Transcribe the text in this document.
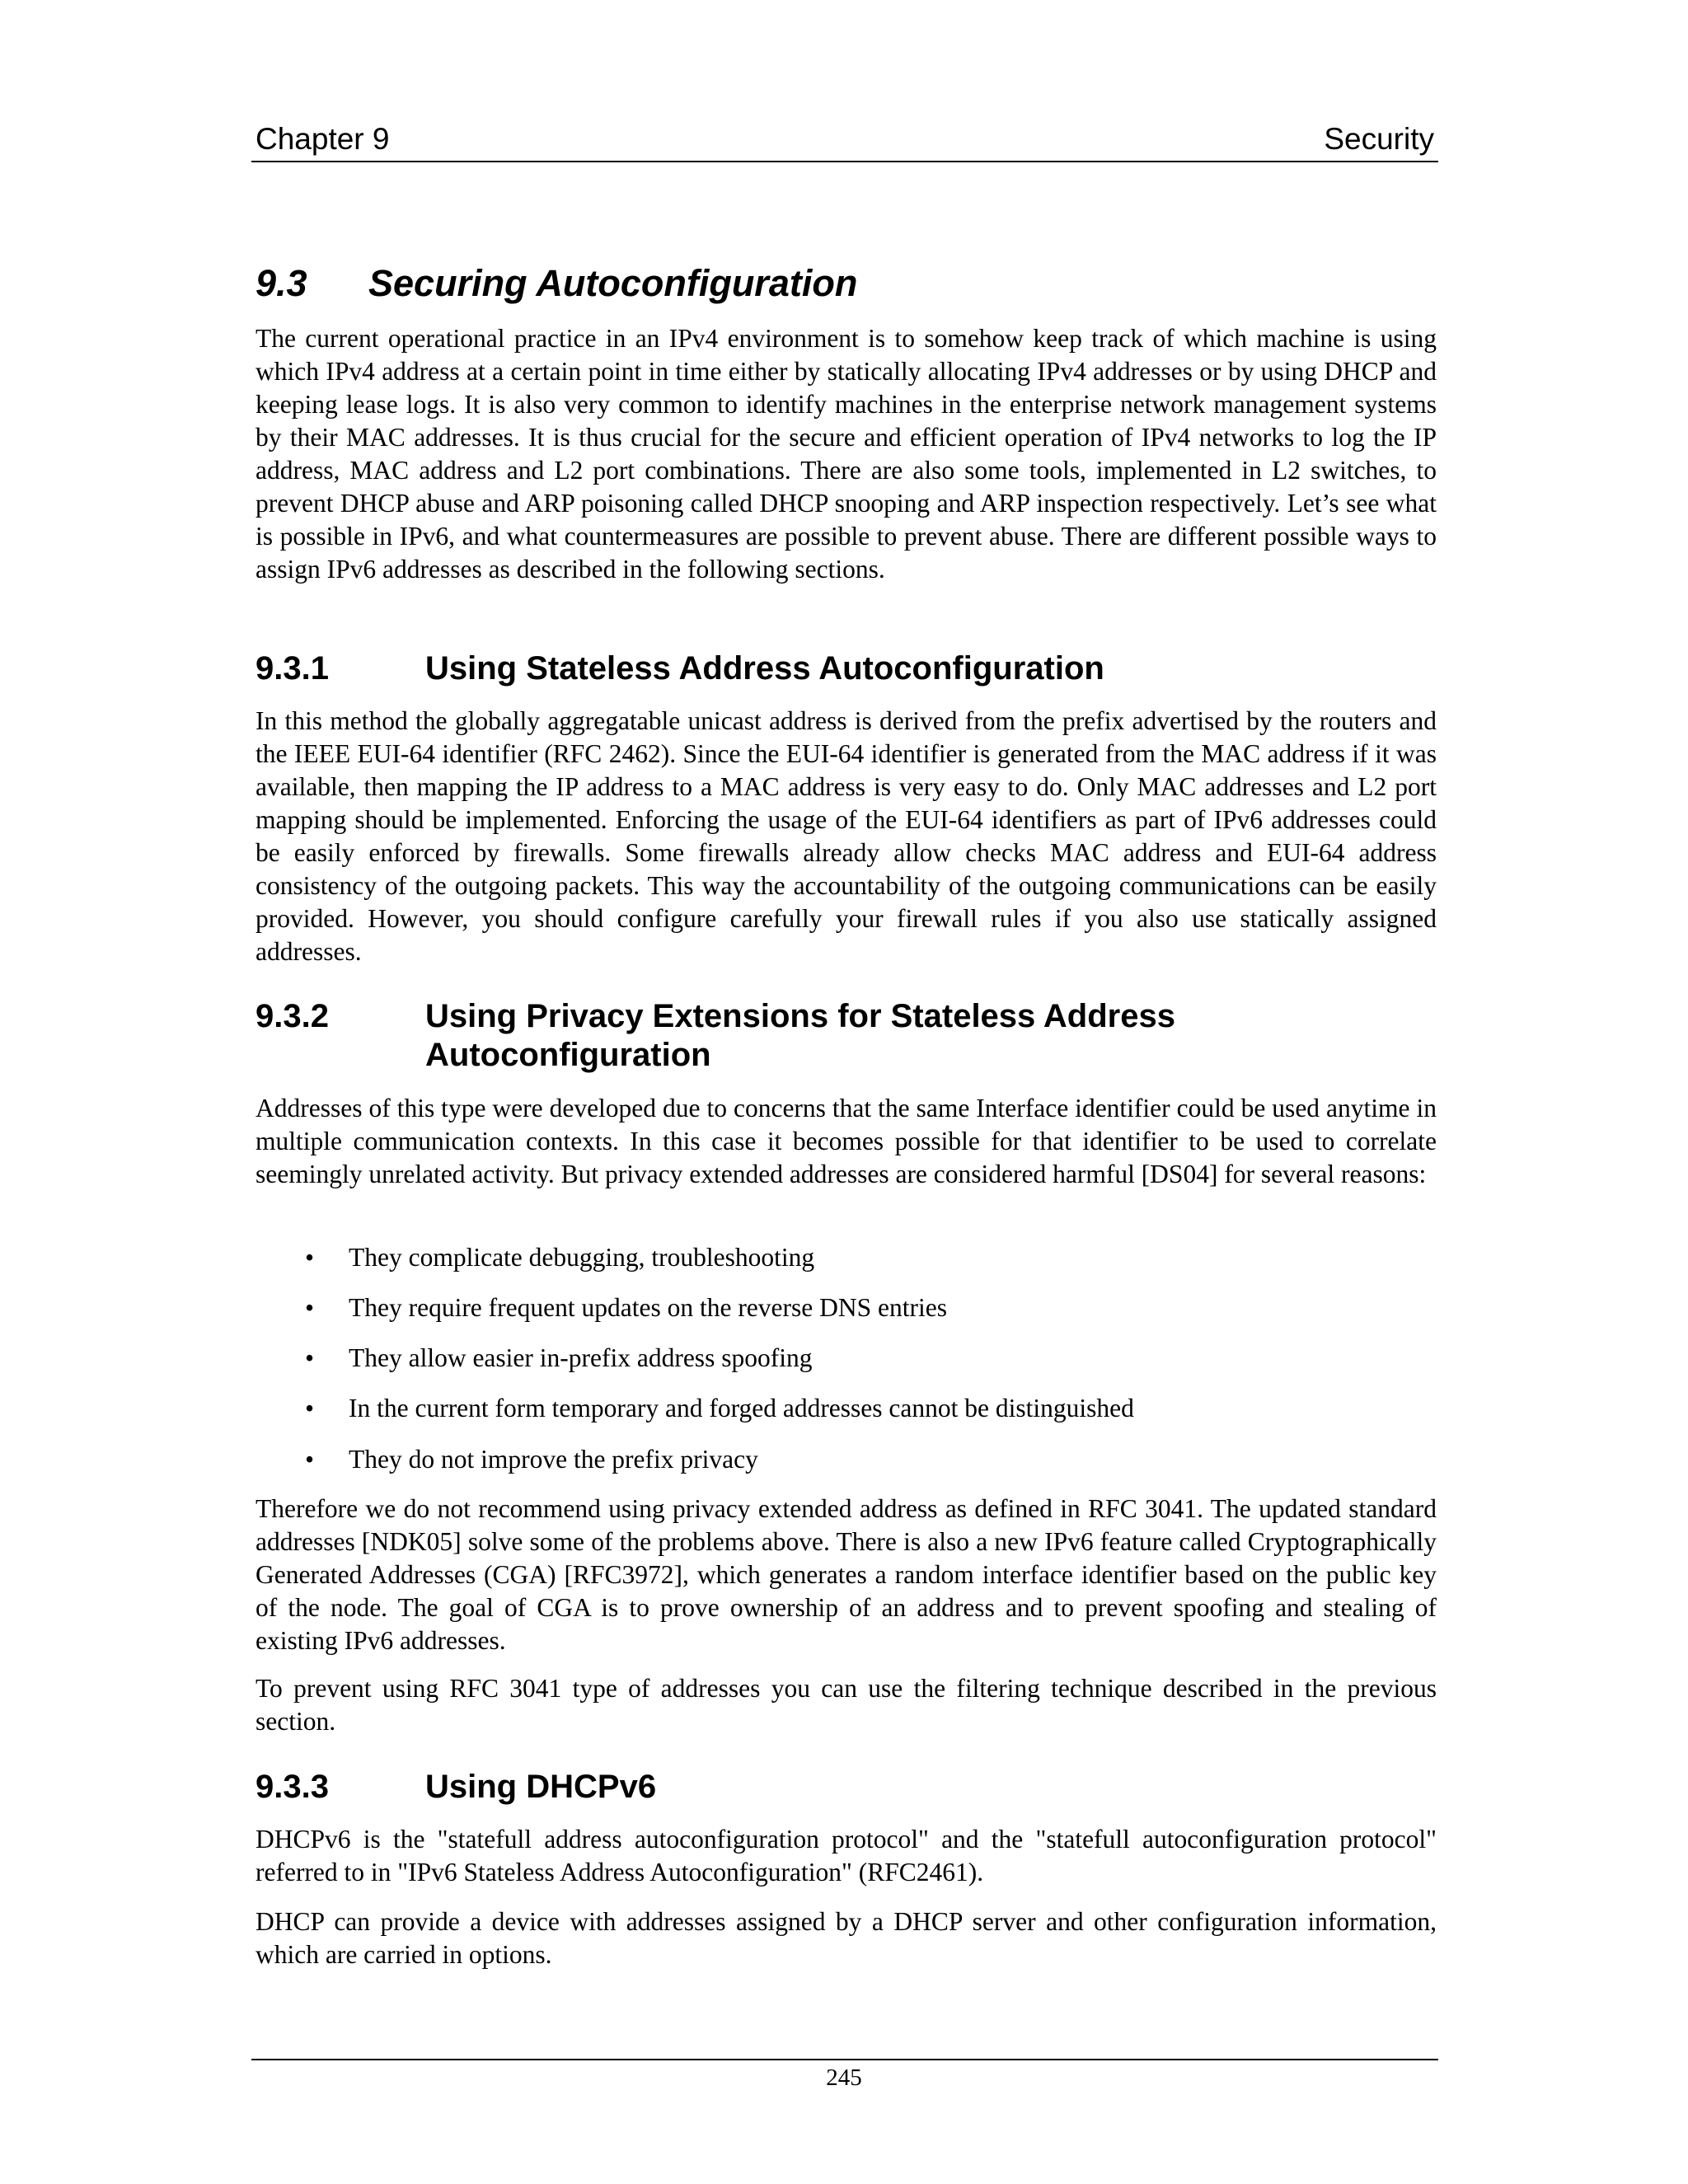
Chapter 9	Security
9.3 Securing Autoconfiguration

The current operational practice in an IPv4 environment is to somehow keep track of which machine is using which IPv4 address at a certain point in time either by statically allocating IPv4 addresses or by using DHCP and keeping lease logs. It is also very common to identify machines in the enterprise network management systems by their MAC addresses. It is thus crucial for the secure and efficient operation of IPv4 networks to log the IP address, MAC address and L2 port combinations. There are also some tools, implemented in L2 switches, to prevent DHCP abuse and ARP poisoning called DHCP snooping and ARP inspection respectively. Let’s see what is possible in IPv6, and what countermeasures are possible to prevent abuse. There are different possible ways to assign IPv6 addresses as described in the following sections.

9.3.1	Using Stateless Address Autoconfiguration

In this method the globally aggregatable unicast address is derived from the prefix advertised by the routers and the IEEE EUI-64 identifier (RFC 2462). Since the EUI-64 identifier is generated from the MAC address if it was available, then mapping the IP address to a MAC address is very easy to do. Only MAC addresses and L2 port mapping should be implemented. Enforcing the usage of the EUI-64 identifiers as part of IPv6 addresses could be easily enforced by firewalls. Some firewalls already allow checks MAC address and EUI-64 address consistency of the outgoing packets. This way the accountability of the outgoing communications can be easily provided. However, you should configure carefully your firewall rules if you also use statically assigned addresses.

9.3.2	Using Privacy Extensions for Stateless Address
Autoconfiguration

Addresses of this type were developed due to concerns that the same Interface identifier could be used anytime in multiple communication contexts. In this case it becomes possible for that identifier to be used to correlate seemingly unrelated activity. But privacy extended addresses are considered harmful [DS04] for several reasons:

• They complicate debugging, troubleshooting
• They require frequent updates on the reverse DNS entries
• They allow easier in-prefix address spoofing
• In the current form temporary and forged addresses cannot be distinguished
• They do not improve the prefix privacy

Therefore we do not recommend using privacy extended address as defined in RFC 3041. The updated standard addresses [NDK05] solve some of the problems above. There is also a new IPv6 feature called Cryptographically Generated Addresses (CGA) [RFC3972], which generates a random interface identifier based on the public key of the node. The goal of CGA is to prove ownership of an address and to prevent spoofing and stealing of existing IPv6 addresses.

To prevent using RFC 3041 type of addresses you can use the filtering technique described in the previous section.

9.3.3	Using DHCPv6

DHCPv6 is the "statefull address autoconfiguration protocol" and the "statefull autoconfiguration protocol" referred to in "IPv6 Stateless Address Autoconfiguration" (RFC2461).

DHCP can provide a device with addresses assigned by a DHCP server and other configuration information, which are carried in options.

245
